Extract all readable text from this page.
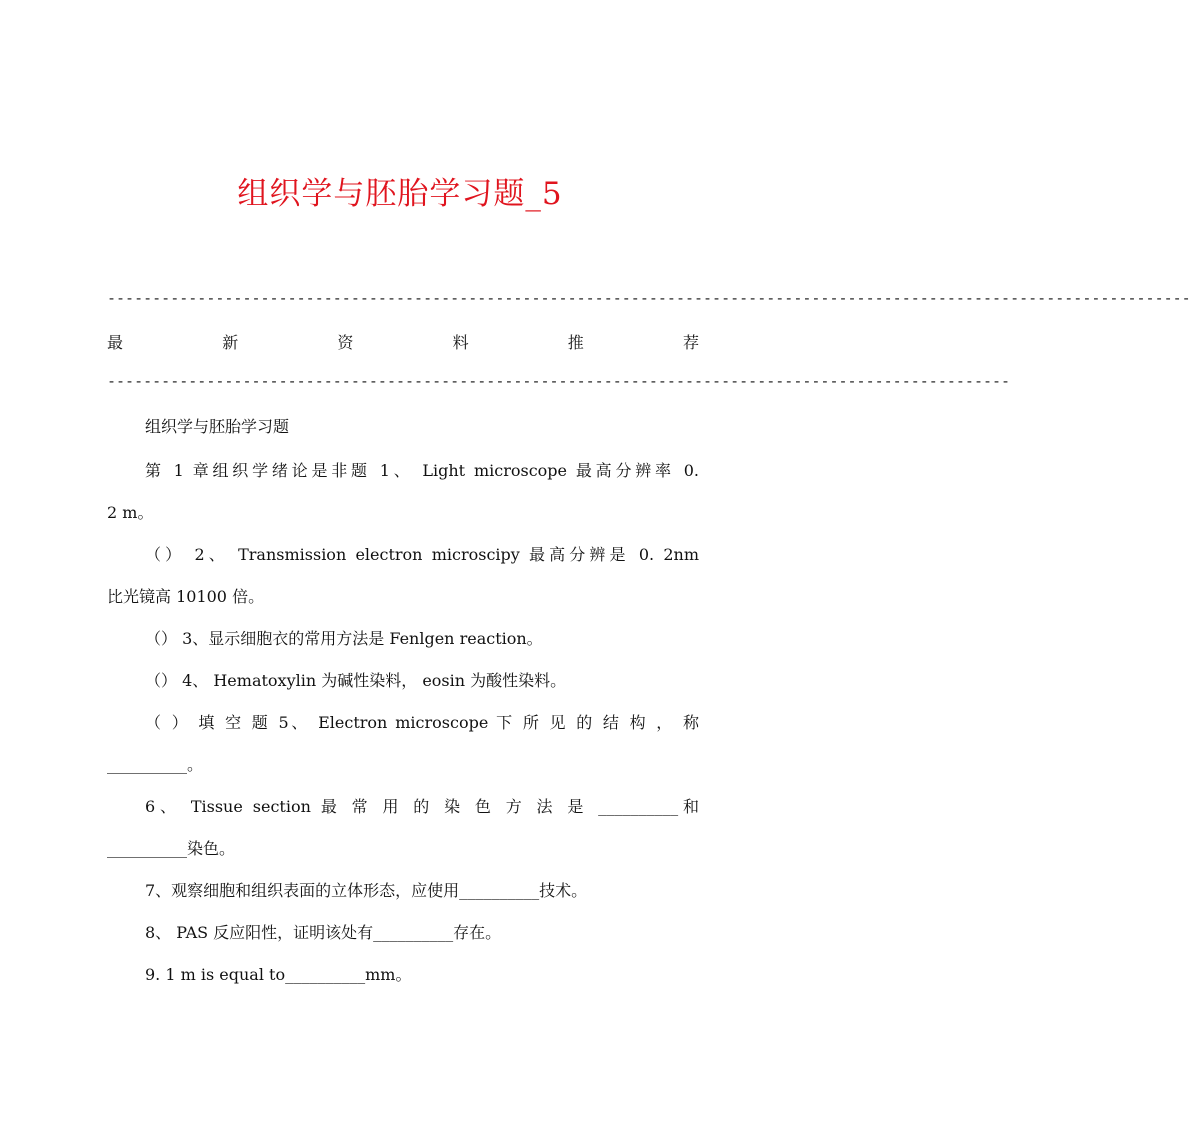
组织学与胚胎学习题_5
------------------------------------------------------------------------------------------------------------------------
最	新	资	料	推	荐
----------------------------------------------------------------------------------------------------
组织学与胚胎学习题
第 1 章组织学绪论是非题 1、 Light microscope 最高分辨率 0.
2 m。
（） 2、 Transmission electron microscipy 最高分辨是 0. 2nm
比光镜高 10100 倍。
（） 3、显示细胞衣的常用方法是 Fenlgen reaction。
（） 4、 Hematoxylin 为碱性染料， eosin 为酸性染料。
（ ） 填 空 题 5、 Electron microscope 下 所 见 的 结 构 ， 称
__________。
6、 Tissue section 最 常 用 的 染 色 方 法 是 __________和
__________染色。
7、观察细胞和组织表面的立体形态，应使用__________技术。
8、 PAS 反应阳性，证明该处有__________存在。
9. 1 m is equal to__________mm。
